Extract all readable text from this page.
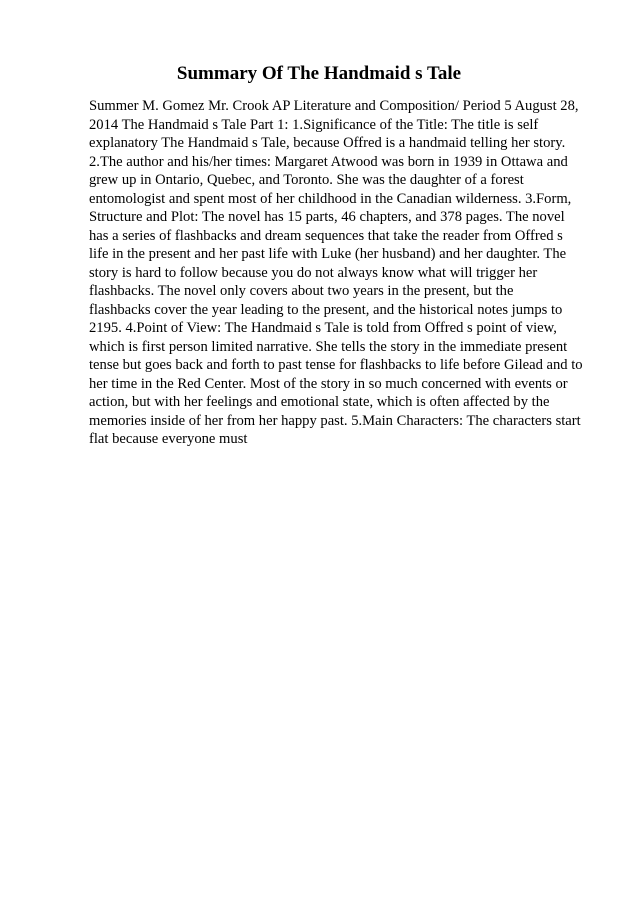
Summary Of The Handmaid s Tale
Summer M. Gomez Mr. Crook AP Literature and Composition/ Period 5 August 28,
2014 The Handmaid s Tale Part 1: 1.Significance of the Title: The title is self
explanatory The Handmaid s Tale, because Offred is a handmaid telling her story.
2.The author and his/her times: Margaret Atwood was born in 1939 in Ottawa and
grew up in Ontario, Quebec, and Toronto. She was the daughter of a forest
entomologist and spent most of her childhood in the Canadian wilderness. 3.Form,
Structure and Plot: The novel has 15 parts, 46 chapters, and 378 pages. The novel
has a series of flashbacks and dream sequences that take the reader from Offred s
life in the present and her past life with Luke (her husband) and her daughter. The
story is hard to follow because you do not always know what will trigger her
flashbacks. The novel only covers about two years in the present, but the
flashbacks cover the year leading to the present, and the historical notes jumps to
2195. 4.Point of View: The Handmaid s Tale is told from Offred s point of view,
which is first person limited narrative. She tells the story in the immediate present
tense but goes back and forth to past tense for flashbacks to life before Gilead and to
her time in the Red Center. Most of the story in so much concerned with events or
action, but with her feelings and emotional state, which is often affected by the
memories inside of her from her happy past. 5.Main Characters: The characters start
flat because everyone must
